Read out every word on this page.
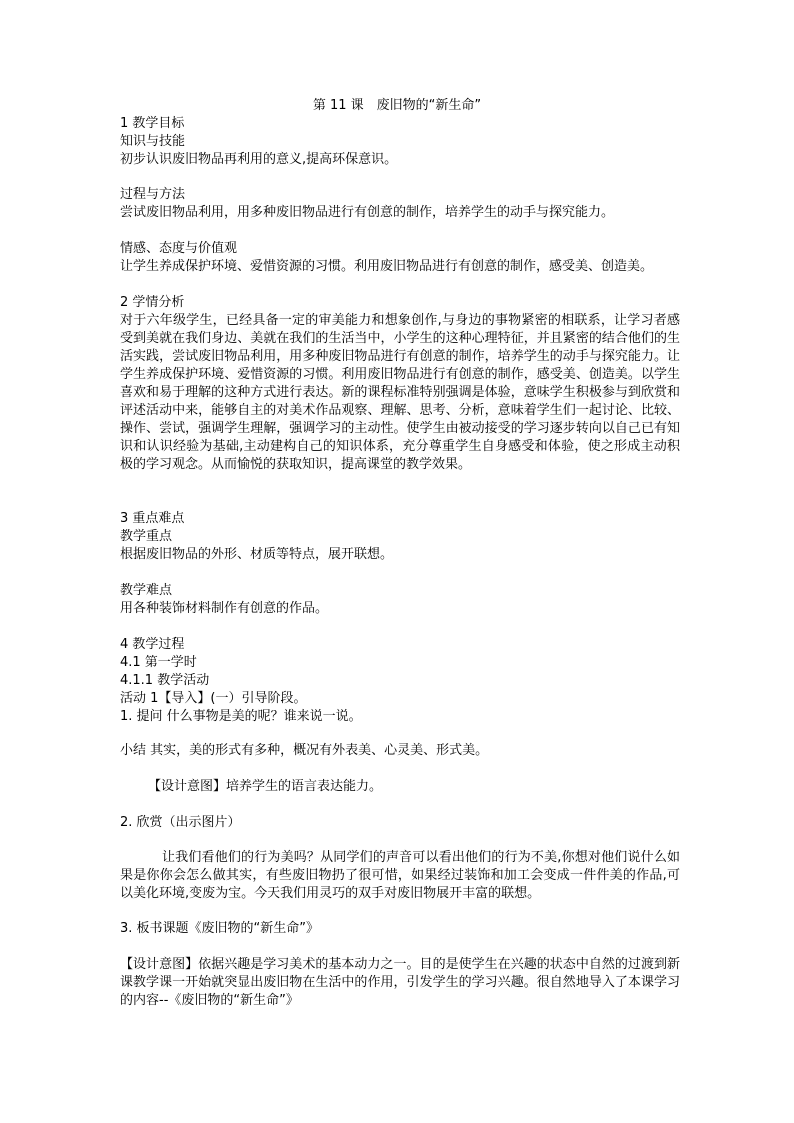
第 11 课　废旧物的“新生命”
1 教学目标
知识与技能
初步认识废旧物品再利用的意义,提高环保意识。
过程与方法
尝试废旧物品利用，用多种废旧物品进行有创意的制作，培养学生的动手与探究能力。
情感、态度与价值观
让学生养成保护环境、爱惜资源的习惯。利用废旧物品进行有创意的制作，感受美、创造美。
2 学情分析
对于六年级学生，已经具备一定的审美能力和想象创作,与身边的事物紧密的相联系，让学习者感受到美就在我们身边、美就在我们的生活当中，小学生的这种心理特征，并且紧密的结合他们的生活实践，尝试废旧物品利用，用多种废旧物品进行有创意的制作，培养学生的动手与探究能力。让学生养成保护环境、爱惜资源的习惯。利用废旧物品进行有创意的制作，感受美、创造美。以学生喜欢和易于理解的这种方式进行表达。新的课程标准特别强调是体验，意味学生积极参与到欣赏和评述活动中来，能够自主的对美术作品观察、理解、思考、分析，意味着学生们一起讨论、比较、操作、尝试，强调学生理解，强调学习的主动性。使学生由被动接受的学习逐步转向以自己已有知识和认识经验为基础,主动建构自己的知识体系，充分尊重学生自身感受和体验，使之形成主动积极的学习观念。从而愉悦的获取知识，提高课堂的教学效果。
3 重点难点
教学重点
根据废旧物品的外形、材质等特点，展开联想。
教学难点
用各种装饰材料制作有创意的作品。
4 教学过程
4.1 第一学时
4.1.1 教学活动
活动 1【导入】(一）引导阶段。
1. 提问 什么事物是美的呢？谁来说一说。
小结 其实，美的形式有多种，概况有外表美、心灵美、形式美。
【设计意图】培养学生的语言表达能力。
2. 欣赏（出示图片）
让我们看他们的行为美吗？从同学们的声音可以看出他们的行为不美,你想对他们说什么如果是你你会怎么做其实，有些废旧物扔了很可惜，如果经过装饰和加工会变成一件件美的作品,可以美化环境,变废为宝。今天我们用灵巧的双手对废旧物展开丰富的联想。
3. 板书课题《废旧物的“新生命”》
【设计意图】依据兴趣是学习美术的基本动力之一。目的是使学生在兴趣的状态中自然的过渡到新课教学课一开始就突显出废旧物在生活中的作用，引发学生的学习兴趣。很自然地导入了本课学习的内容--《废旧物的“新生命”》
